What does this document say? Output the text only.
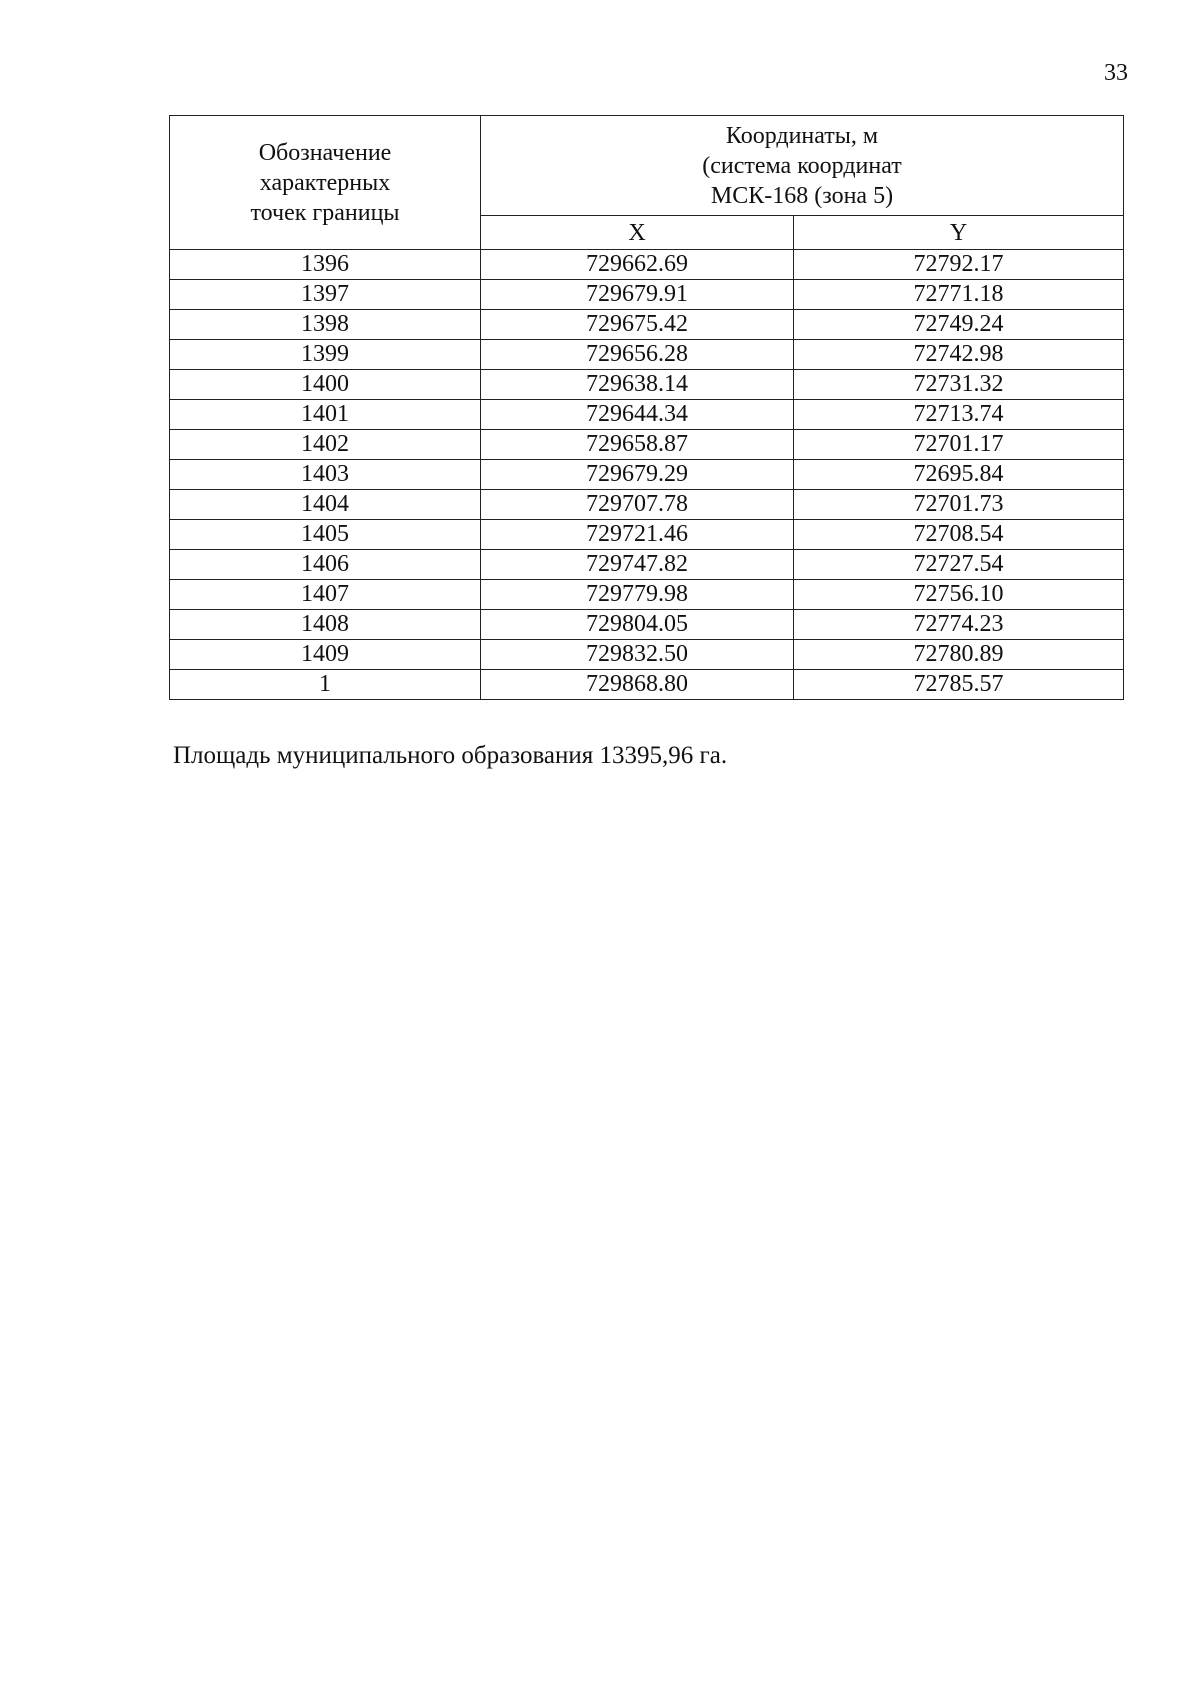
33
Обозначение
характерных
точек границы	Координаты, м
(система координат
МСК-168 (зона 5)	

	X	Y
1396	729662.69	72792.17
1397	729679.91	72771.18
1398	729675.42	72749.24
1399	729656.28	72742.98
1400	729638.14	72731.32
1401	729644.34	72713.74
1402	729658.87	72701.17
1403	729679.29	72695.84
1404	729707.78	72701.73
1405	729721.46	72708.54
1406	729747.82	72727.54
1407	729779.98	72756.10
1408	729804.05	72774.23
1409	729832.50	72780.89
1	729868.80	72785.57
Площадь муниципального образования 13395,96 га.
